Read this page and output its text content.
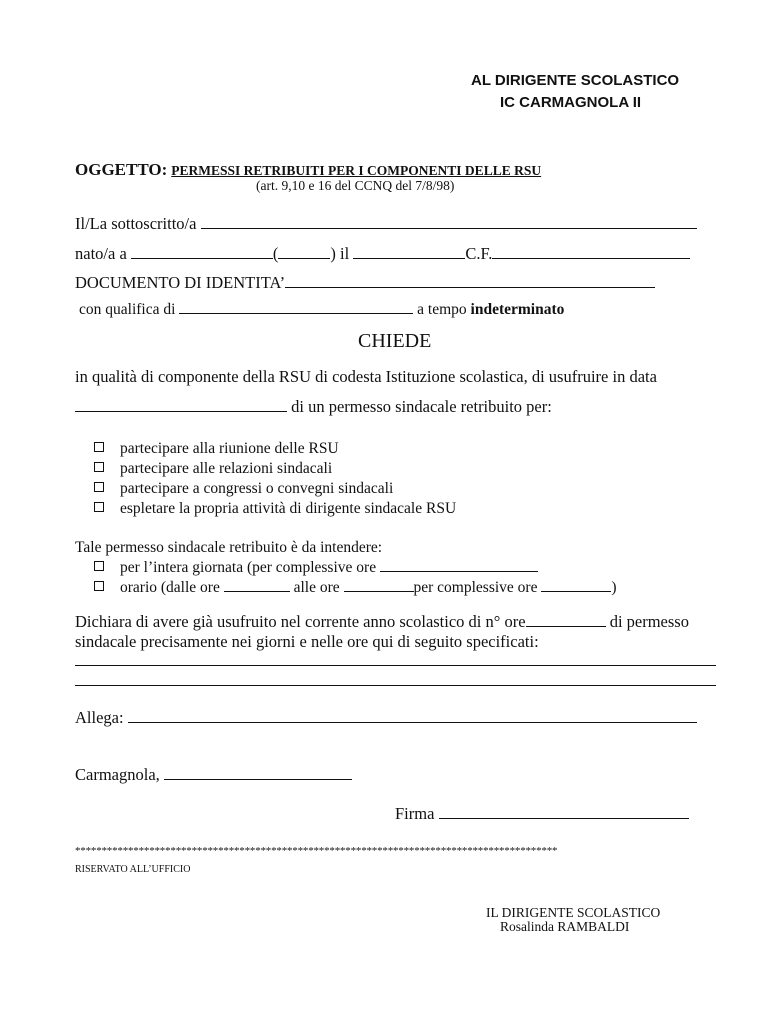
AL DIRIGENTE SCOLASTICO
IC CARMAGNOLA II
OGGETTO: PERMESSI RETRIBUITI PER I COMPONENTI DELLE RSU
(art. 9,10 e 16 del CCNQ del 7/8/98)
Il/La sottoscritto/a
nato/a a	(	) il	C.F.
DOCUMENTO DI IDENTITA’
con qualifica di	a tempo indeterminato
CHIEDE
in qualità di componente della RSU di codesta Istituzione scolastica, di usufruire in data
di un permesso sindacale retribuito per:
partecipare alla riunione delle RSU
partecipare alle relazioni sindacali
partecipare a congressi o convegni sindacali
espletare la propria attività di dirigente sindacale RSU
Tale permesso sindacale retribuito è da intendere:
per l’intera giornata (per complessive ore
orario (dalle ore	alle ore	per complessive ore	)
Dichiara di avere già usufruito nel corrente anno scolastico di n° ore	di permesso
sindacale precisamente nei giorni e nelle ore qui di seguito specificati:
Allega:
Carmagnola,
Firma
*******************************************************************************************
RISERVATO ALL’UFFICIO
IL DIRIGENTE SCOLASTICO
Rosalinda RAMBALDI
